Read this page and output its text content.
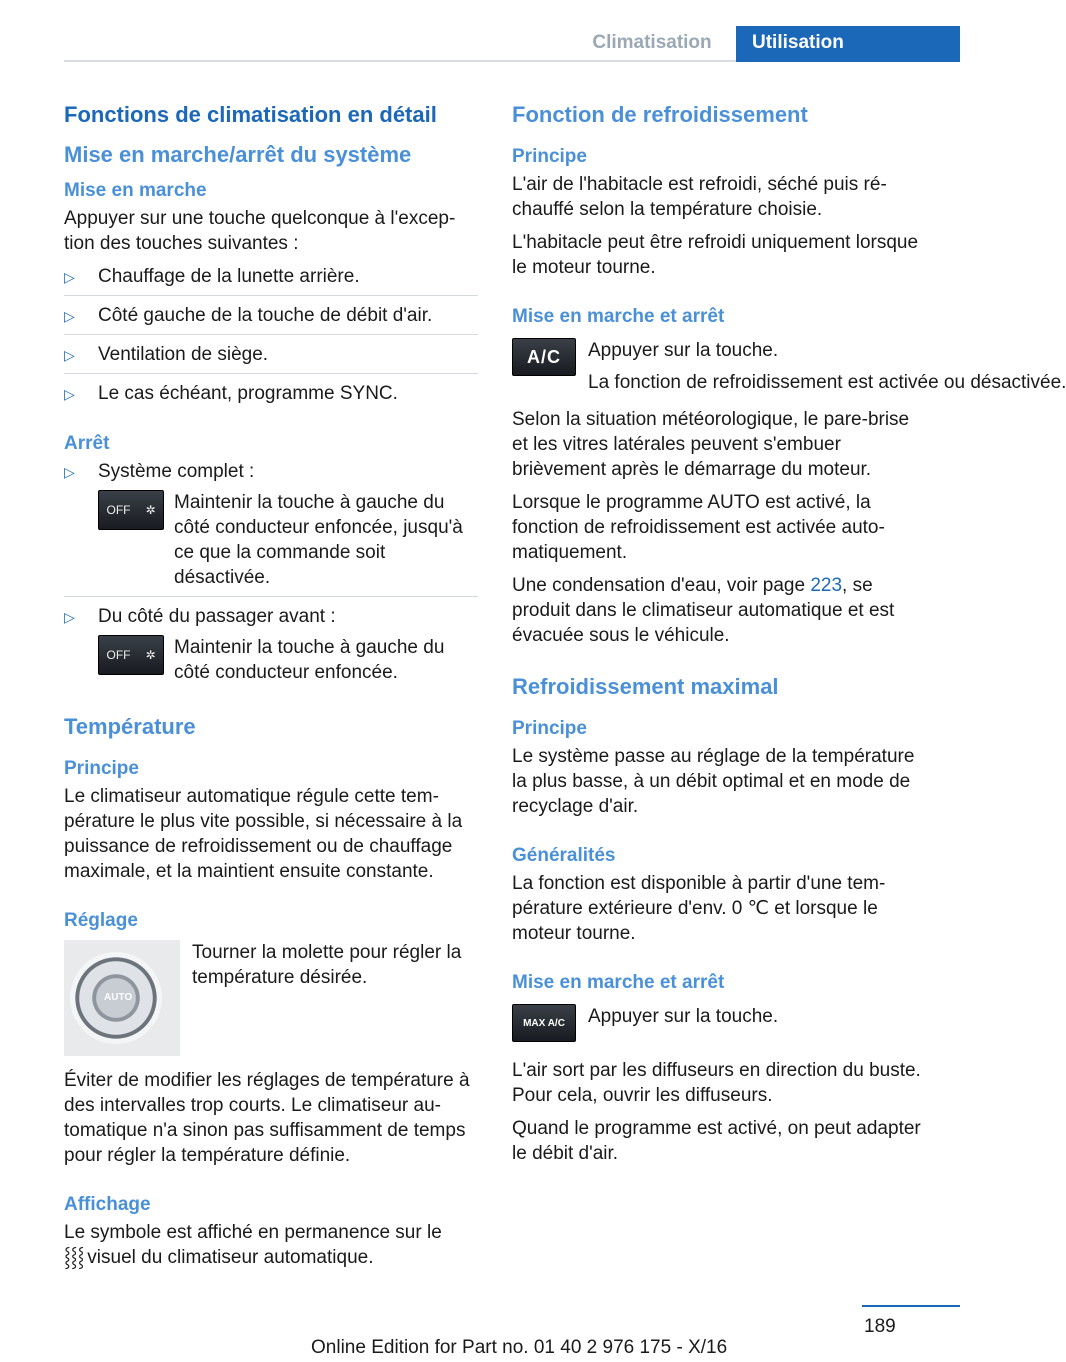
Climatisation	Utilisation
Fonctions de climatisation en détail
Mise en marche/arrêt du système
Mise en marche

Appuyer sur une touche quelconque à l'exception des touches suivantes :

▷ Chauffage de la lunette arrière.
▷ Côté gauche de la touche de débit d'air.
▷ Ventilation de siège.
▷ Le cas échéant, programme SYNC.
Arrêt
▷ Système complet :
OFF ✲ Maintenir la touche à gauche du côté conducteur enfoncée, jusqu'à ce que la commande soit désactivée.
▷ Du côté du passager avant :
OFF ✲ Maintenir la touche à gauche du côté conducteur enfoncée.
Température
Principe

Le climatiseur automatique régule cette température le plus vite possible, si nécessaire à la puissance de refroidissement ou de chauffage maximale, et la maintient ensuite constante.

Réglage
AUTO
Tourner la molette pour régler la température désirée.

Éviter de modifier les réglages de température à des intervalles trop courts. Le climatiseur automatique n'a sinon pas suffisamment de temps pour régler la température définie.

Affichage

Le symbole est affiché en permanence sur le
⸾⸾⸾ visuel du climatiseur automatique.

Fonction de refroidissement
Principe

L'air de l'habitacle est refroidi, séché puis réchauffé selon la température choisie.

L'habitacle peut être refroidi uniquement lorsque le moteur tourne.

Mise en marche et arrêt
A/C Appuyer sur la touche.

La fonction de refroidissement est activée ou désactivée.

Selon la situation météorologique, le pare-brise et les vitres latérales peuvent s'embuer brièvement après le démarrage du moteur.

Lorsque le programme AUTO est activé, la fonction de refroidissement est activée automatiquement.

Une condensation d'eau, voir page 223, se produit dans le climatiseur automatique et est évacuée sous le véhicule.

Refroidissement maximal
Principe

Le système passe au réglage de la température la plus basse, à un débit optimal et en mode de recyclage d'air.

Généralités

La fonction est disponible à partir d'une température extérieure d'env. 0 ℃ et lorsque le moteur tourne.

Mise en marche et arrêt
MAX A/C Appuyer sur la touche.

L'air sort par les diffuseurs en direction du buste. Pour cela, ouvrir les diffuseurs.

Quand le programme est activé, on peut adapter le débit d'air.

189
Online Edition for Part no. 01 40 2 976 175 - X/16
